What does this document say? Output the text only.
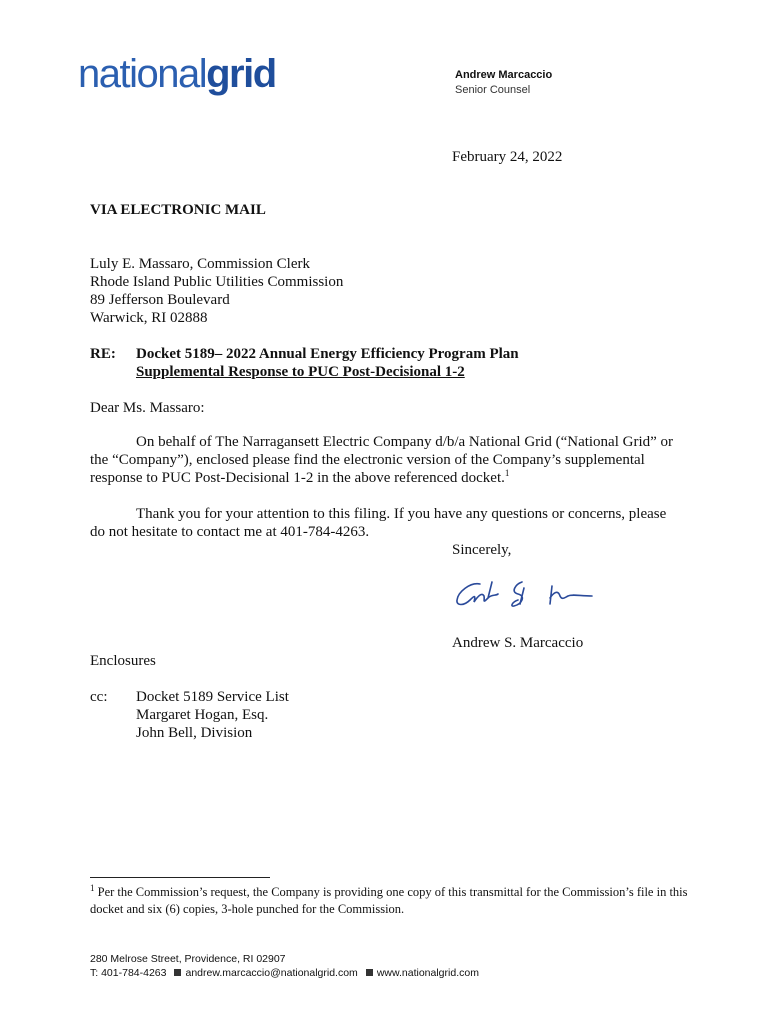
nationalgrid	Andrew Marcaccio
Senior Counsel
February 24, 2022
VIA ELECTRONIC MAIL
Luly E. Massaro, Commission Clerk
Rhode Island Public Utilities Commission
89 Jefferson Boulevard
Warwick, RI 02888
RE: Docket 5189– 2022 Annual Energy Efficiency Program Plan
Supplemental Response to PUC Post-Decisional 1-2
Dear Ms. Massaro:
On behalf of The Narragansett Electric Company d/b/a National Grid (“National Grid” or
the “Company”), enclosed please find the electronic version of the Company’s supplemental
response to PUC Post-Decisional 1-2 in the above referenced docket.$^1$
Thank you for your attention to this filing. If you have any questions or concerns, please
do not hesitate to contact me at 401-784-4263.
Sincerely,
Andrew S. Marcaccio
Enclosures
cc: Docket 5189 Service List
Margaret Hogan, Esq.
John Bell, Division
$^1$ Per the Commission’s request, the Company is providing one copy of this transmittal for the Commission’s file in this docket and six (6) copies, 3-hole punched for the Commission.
280 Melrose Street, Providence, RI 02907
T: 401-784-4263 andrew.marcaccio@nationalgrid.com www.nationalgrid.com
